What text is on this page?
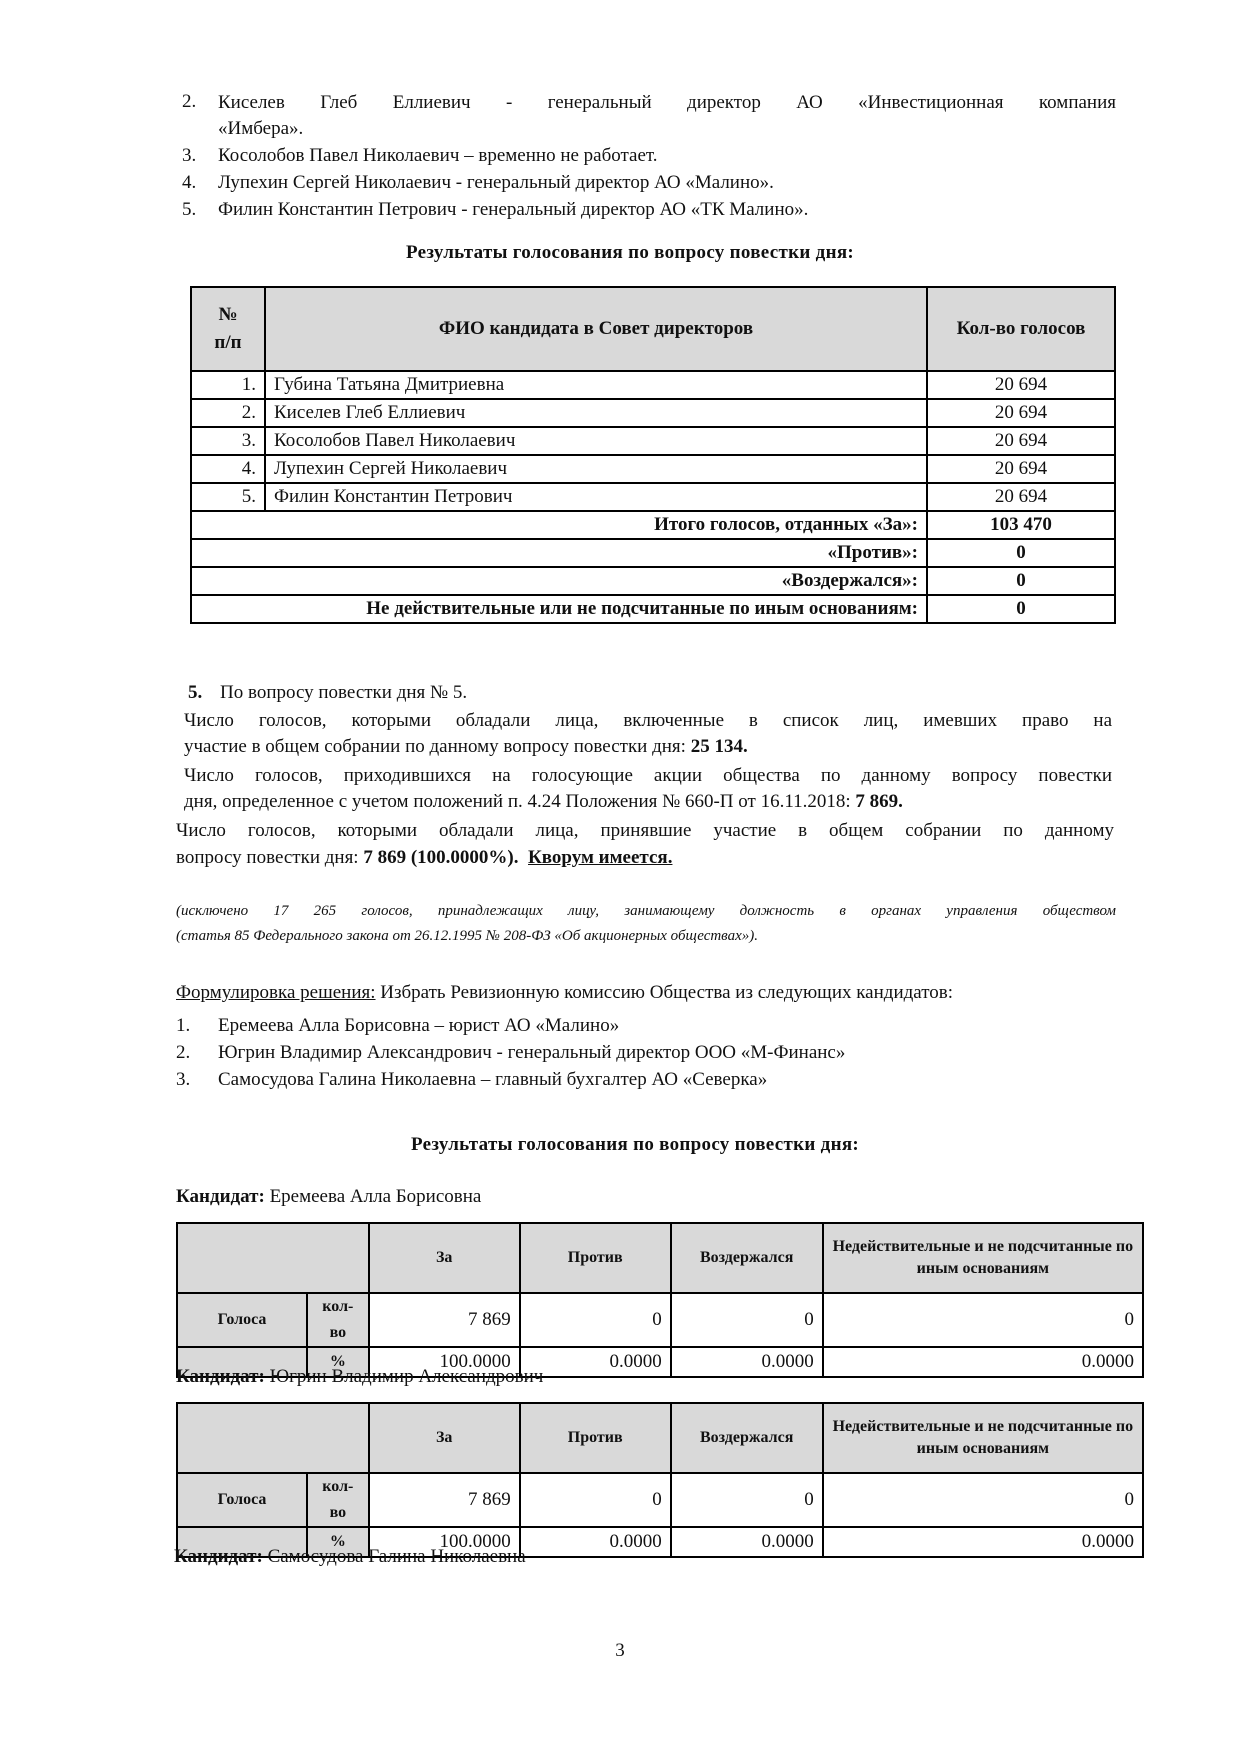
2. Киселев Глеб Еллиевич - генеральный директор АО «Инвестиционная компания
«Имбера».
3. Косолобов Павел Николаевич – временно не работает.
4. Лупехин Сергей Николаевич - генеральный директор АО «Малино».
5. Филин Константин Петрович - генеральный директор АО «ТК Малино».
Результаты голосования по вопросу повестки дня:
№
п/п	ФИО кандидата в Совет директоров	Кол-во голосов
1.	Губина Татьяна Дмитриевна	20 694
2.	Киселев Глеб Еллиевич	20 694
3.	Косолобов Павел Николаевич	20 694
4.	Лупехин Сергей Николаевич	20 694
5.	Филин Константин Петрович	20 694
Итого голосов, отданных «За»:		103 470
«Против»:		0
«Воздержался»:		0
Не действительные или не подсчитанные по иным основаниям:		0
5. По вопросу повестки дня № 5.
Число голосов, которыми обладали лица, включенные в список лиц, имевших право на
участие в общем собрании по данному вопросу повестки дня: 25 134.
Число голосов, приходившихся на голосующие акции общества по данному вопросу повестки
дня, определенное с учетом положений п. 4.24 Положения № 660-П от 16.11.2018: 7 869.
Число голосов, которыми обладали лица, принявшие участие в общем собрании по данному
вопросу повестки дня: 7 869 (100.0000%). Кворум имеется.
(исключено 17 265 голосов, принадлежащих лицу, занимающему должность в органах управления обществом
(статья 85 Федерального закона от 26.12.1995 № 208-ФЗ «Об акционерных обществах»).
Формулировка решения: Избрать Ревизионную комиссию Общества из следующих кандидатов:
1. Еремеева Алла Борисовна – юрист АО «Малино»
2. Югрин Владимир Александрович - генеральный директор ООО «М-Финанс»
3. Самосудова Галина Николаевна – главный бухгалтер АО «Северка»
Результаты голосования по вопросу повестки дня:
Кандидат: Еремеева Алла Борисовна
		За	Против	Воздержался	Недействительные и не подсчитанные по иным основаниям
Голоса	кол-во	7 869	0	0	0
	%	100.0000	0.0000	0.0000	0.0000
Кандидат: Югрин Владимир Александрович
		За	Против	Воздержался	Недействительные и не подсчитанные по иным основаниям
Голоса	кол-во	7 869	0	0	0
	%	100.0000	0.0000	0.0000	0.0000
Кандидат: Самосудова Галина Николаевна
3
